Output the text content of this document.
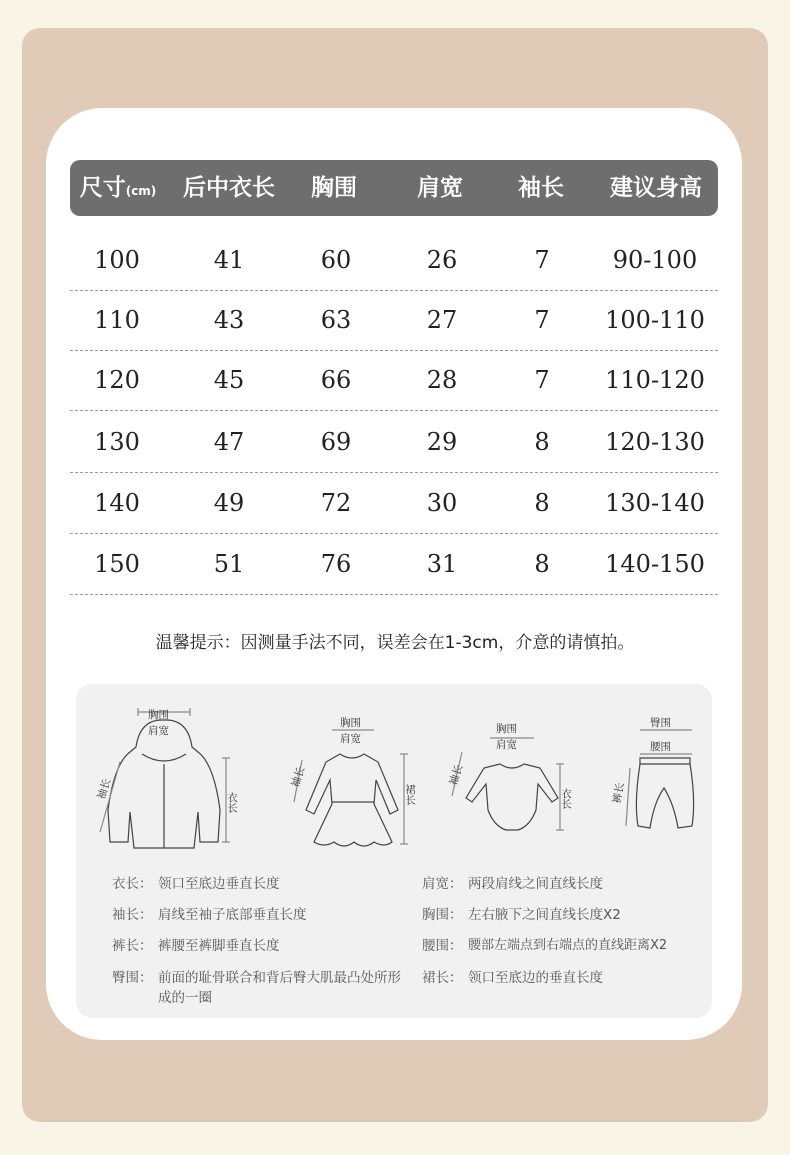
尺寸(cm) 后中衣长 胸围	肩宽 袖长 建议身高
100	41	60	26	7	90-100
110	43	63	27	7 100-110
120	45	66	28	7 110-120
130	47	69	29	8 120-130
140	49	72	30	8 130-140
150	51	76	31	8 140-150
温馨提示：因测量手法不同，误差会在1-3cm，介意的请慎拍。
胸围
肩宽
袖长
衣长
胸围
肩宽
袖长
裙长
胸围
肩宽
袖长
衣长
臀围
腰围
裤长
衣长： 领口至底边垂直长度
袖长： 肩线至袖子底部垂直长度
裤长： 裤腰至裤脚垂直长度
臀围： 前面的耻骨联合和背后臀大肌最凸处所形成的一圈
肩宽： 两段肩线之间直线长度
胸围： 左右腋下之间直线长度X2
腰围： 腰部左端点到右端点的直线距离X2
裙长： 领口至底边的垂直长度
